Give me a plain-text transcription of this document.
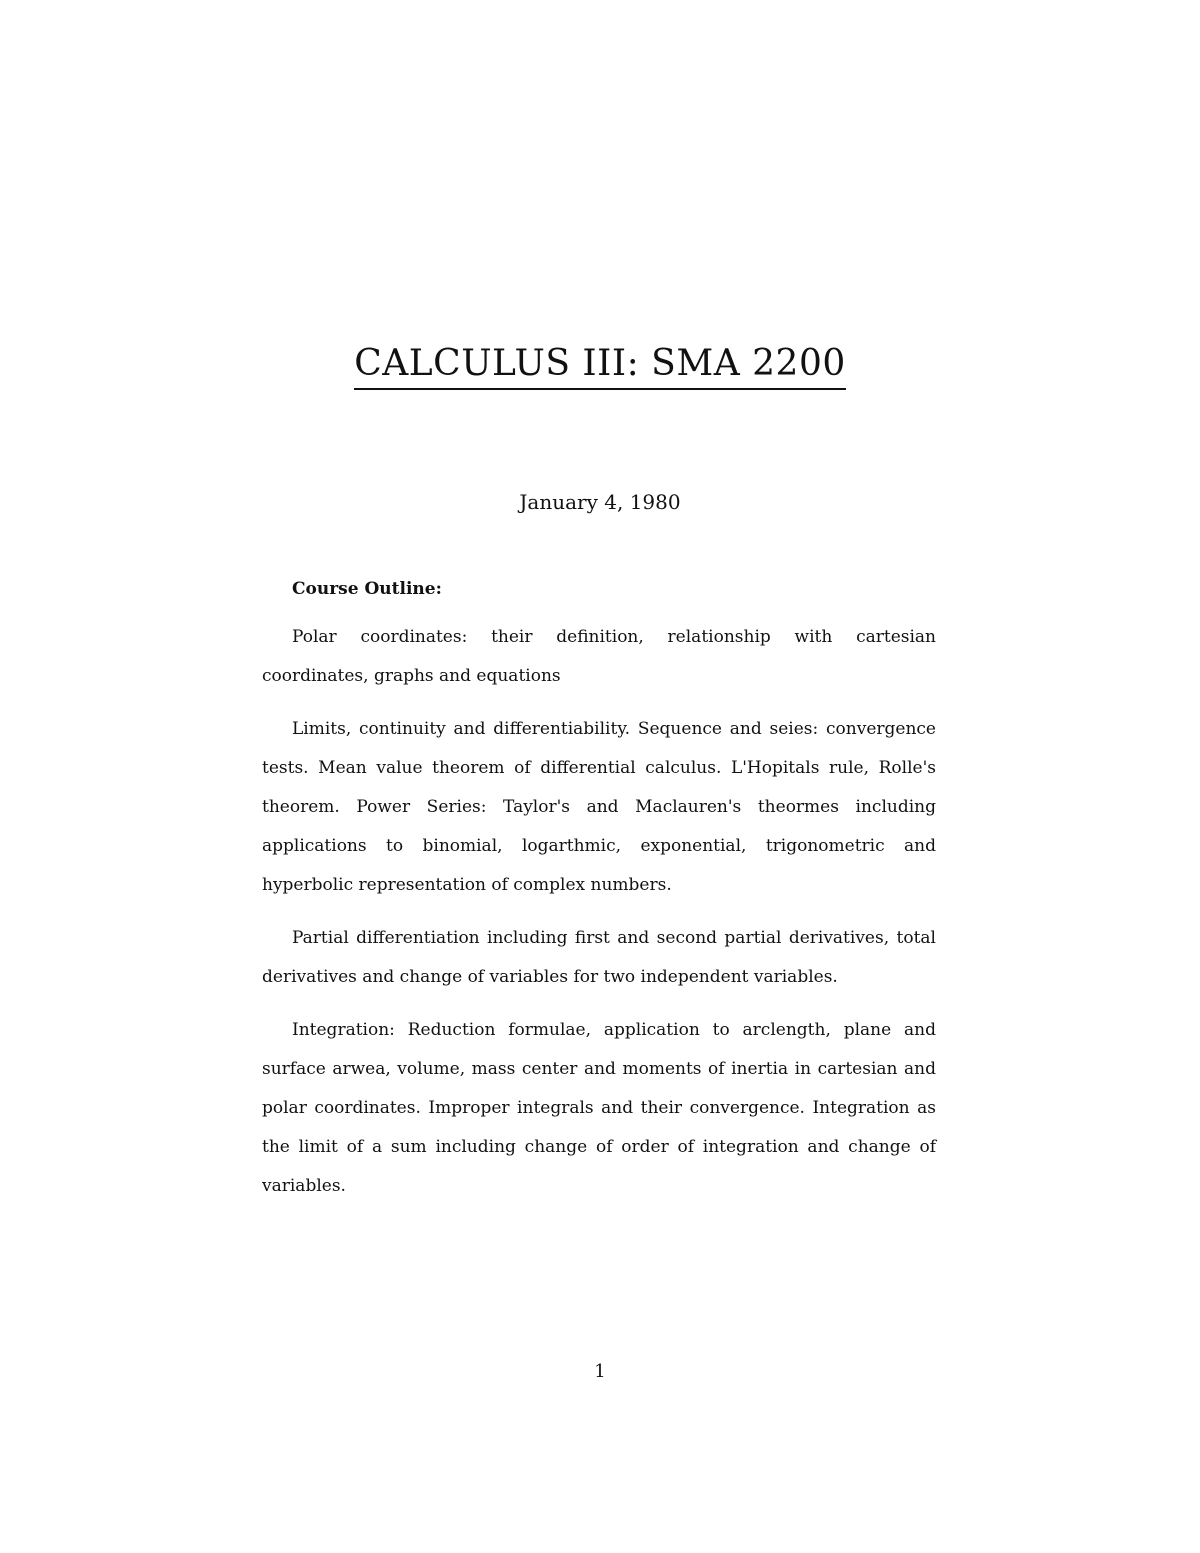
CALCULUS III: SMA 2200
January 4, 1980
Course Outline:

Polar coordinates: their definition, relationship with cartesian coordinates, graphs and equations

Limits, continuity and differentiability. Sequence and seies: convergence tests. Mean value theorem of differential calculus. L'Hopitals rule, Rolle's theorem. Power Series: Taylor's and Maclauren's theormes including applications to binomial, logarthmic, exponential, trigonometric and hyperbolic representation of complex numbers.

Partial differentiation including first and second partial derivatives, total derivatives and change of variables for two independent variables.

Integration: Reduction formulae, application to arclength, plane and surface arwea, volume, mass center and moments of inertia in cartesian and polar coordinates. Improper integrals and their convergence. Integration as the limit of a sum including change of order of integration and change of variables.

1
